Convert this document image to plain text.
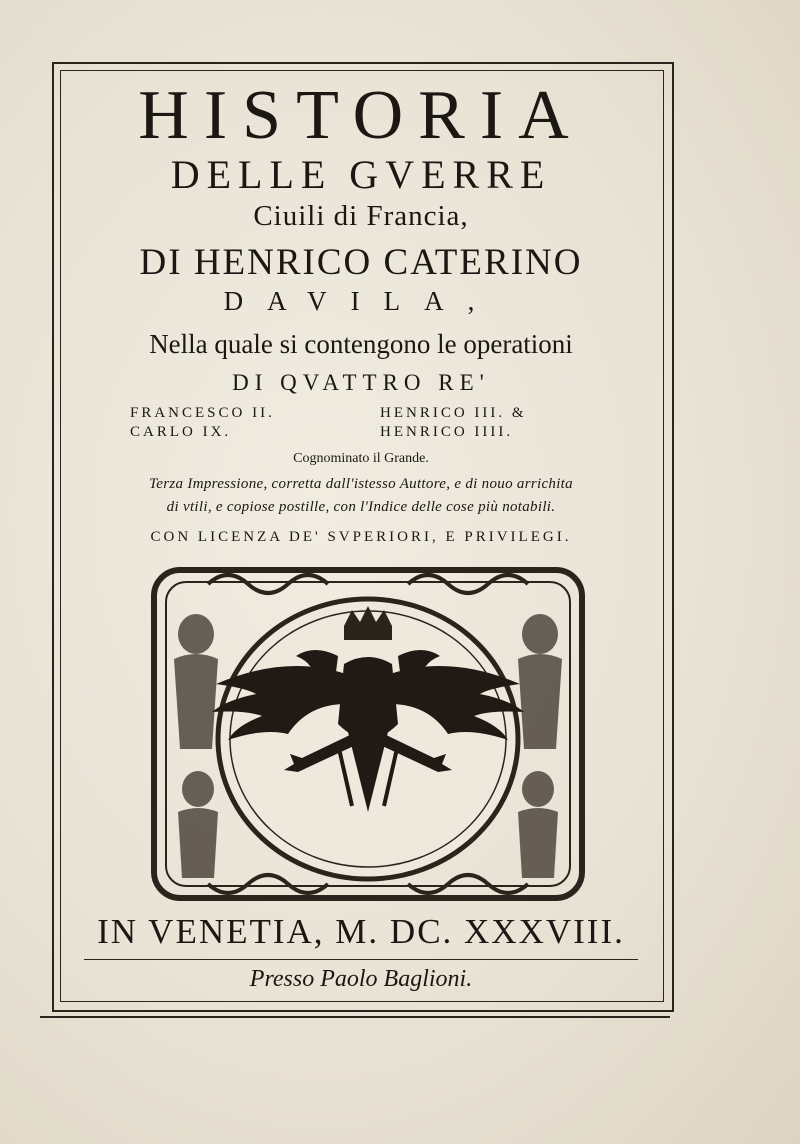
HISTORIA
DELLE GVERRE
Ciuili di Francia,
DI HENRICO CATERINO
DAVILA,
Nella quale si contengono le operationi
DI QVATTRO RE'
FRANCESCO II.
CARLO IX.
HENRICO III. &
HENRICO IIII.
Cognominato il Grande.
Terza Impressione, corretta dall'istesso Auttore, e di nouo arrichita
di vtili, e copiose postille, con l'Indice delle cose più notabili.
CON LICENZA DE' SVPERIORI, E PRIVILEGI.
IN VENETIA, M. DC. XXXVIII.
Presso Paolo Baglioni.
